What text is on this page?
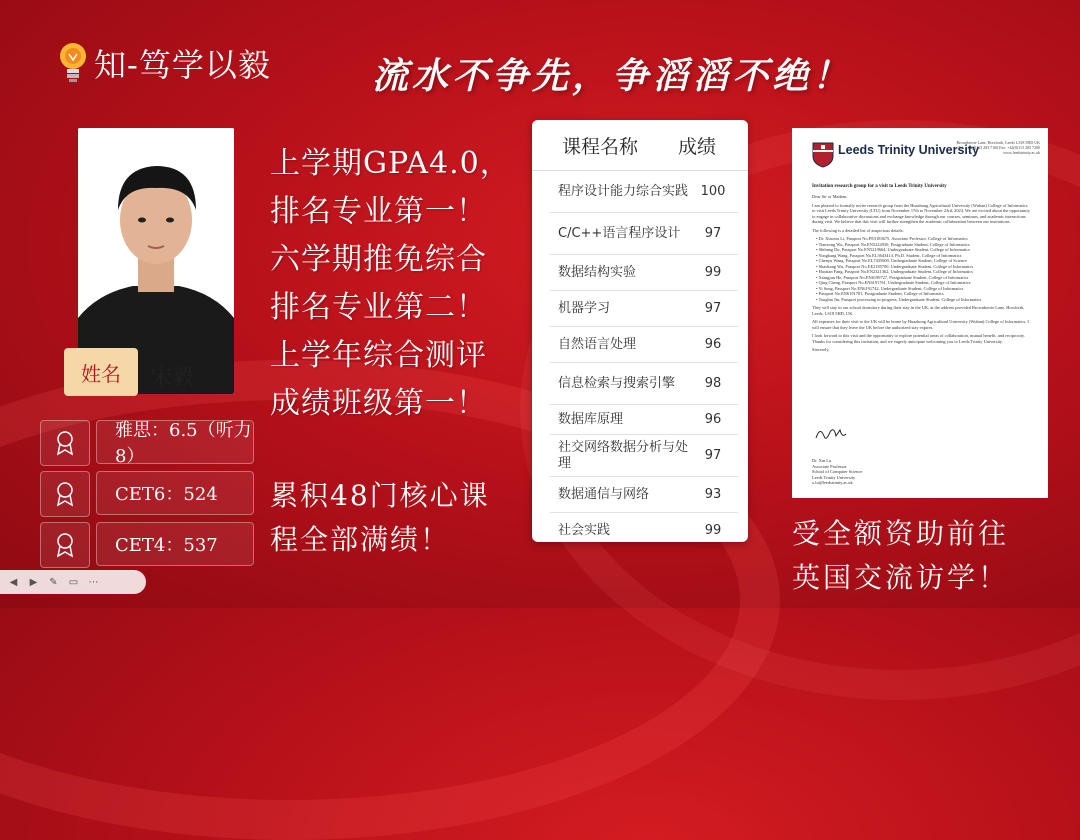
知-笃学以毅	流水不争先，争滔滔不绝！
姓名	宋毅
上学期GPA4.0，
排名专业第一！
六学期推免综合
排名专业第二！
上学年综合测评
成绩班级第一！
雅思：6.5（听力8）
CET6：524
CET4：537
累积48门核心课
程全部满绩！
课程名称 成绩
程序设计能力综合实践 100
C/C++语言程序设计	97
数据结构实验	99
机器学习	97
自然语言处理	96
信息检索与搜索引擎	98
数据库原理	96
社交网络数据分析与处理	97
数据通信与网络	93
社会实践	99
Leeds Trinity University
Brownberrie Lane, Horsforth, Leeds LS18 5HD UK Tel: +44(0)113 283 7100 Fax: +44(0)113 283 7200 www.leedstrinity.ac.uk
Invitation research group for a visit to Leeds Trinity University

Dear Sir or Madam,

I am pleased to formally invite research group from the Huazhong Agricultural University (Wuhan) College of Informatics to visit Leeds Trinity University (LTU) from November 17th to November 23rd, 2024. We are excited about the opportunity to engage in collaborative discussions and exchange knowledge through our courses, seminars, and academic interactions during visit. We believe that this visit will further strengthen the academic collaboration between our institutions.

The following is a detailed list of auspicious details:

• Dr. Xiaoxia Li, Passport No.PE3183675, Associate Professor, College of Informatics
• Tianxong Wu, Passport No.EN5224930, Postgraduate Student, College of Informatics
• Shihang Du, Passport No.EN5219664, Undergraduate Student, College of Informatics
• Yongkang Wang, Passport No.EL5643414, Ph.D. Student, College of Informatics
• Chenyu Wang, Passport No.EL7435600, Undergraduate Student, College of Science
• Shaokang Wu, Passport No.EE2185700, Undergraduate Student, College of Informatics
• Haotian Fang, Passport No.EN2321362, Undergraduate Student, College of Informatics
• Xiangjun He, Passport No.EN6199727, Postgraduate Student, College of Informatics
• Qing Cheng, Passport No.EN6191761, Undergraduate Student, College of Informatics
• Yi Song, Passport No.EN6191742, Undergraduate Student, College of Informatics
• Passport No.EN6191781, Postgraduate Student, College of Informatics
• Tonghai Jin, Passport processing in progress, Undergraduate Student, College of Informatics

They will stay in our school dormitory during their stay in the UK, at the address provided Brownberrie Lane, Horsforth, Leeds, LS18 5HD, UK.

All expenses for their visit to the UK will be borne by Huazhong Agricultural University (Wuhan) College of Informatics. I will ensure that they leave the UK before the authorized stay expires.

I look forward to this visit and the opportunity to explore potential areas of collaboration, mutual benefit, and reciprocity. Thanks for considering this invitation, and we eagerly anticipate welcoming you to Leeds Trinity University.

Sincerely,

Dr. Xin Lu
Associate Professor
School of Computer Science
Leeds Trinity University
x.lu@leedstrinity.ac.uk
受全额资助前往
英国交流访学！
◀	▶	✎	▭ ⋯
